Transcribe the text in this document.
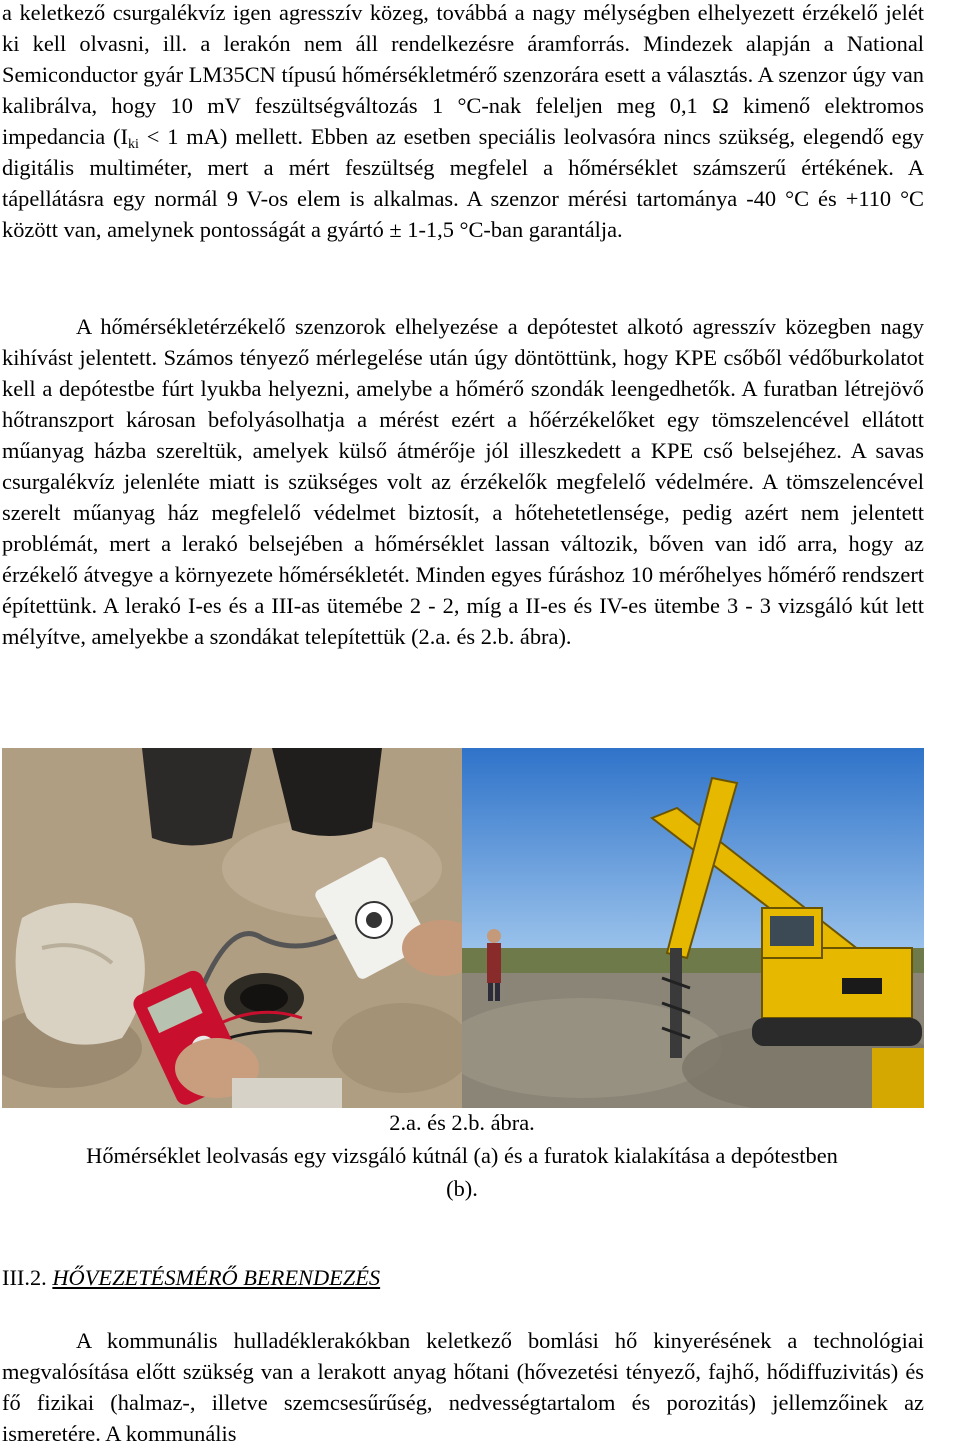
a keletkező csurgalékvíz igen agresszív közeg, továbbá a nagy mélységben elhelyezett érzékelő jelét ki kell olvasni, ill. a lerakón nem áll rendelkezésre áramforrás. Mindezek alapján a National Semiconductor gyár LM35CN típusú hőmérsékletmérő szenzorára esett a választás. A szenzor úgy van kalibrálva, hogy 10 mV feszültségváltozás 1 °C-nak feleljen meg 0,1 Ω kimenő elektromos impedancia ($I_{ki} < 1$ mA) mellett. Ebben az esetben speciális leolvasóra nincs szükség, elegendő egy digitális multiméter, mert a mért feszültség megfelel a hőmérséklet számszerű értékének. A tápellátásra egy normál 9 V-os elem is alkalmas. A szenzor mérési tartománya -40 °C és +110 °C között van, amelynek pontosságát a gyártó ± 1-1,5 °C-ban garantálja.

A hőmérsékletérzékelő szenzorok elhelyezése a depótestet alkotó agresszív közegben nagy kihívást jelentett. Számos tényező mérlegelése után úgy döntöttünk, hogy KPE csőből védőburkolatot kell a depótestbe fúrt lyukba helyezni, amelybe a hőmérő szondák leengedhetők. A furatban létrejövő hőtranszport károsan befolyásolhatja a mérést ezért a hőérzékelőket egy tömszelencével ellátott műanyag házba szereltük, amelyek külső átmérője jól illeszkedett a KPE cső belsejéhez. A savas csurgalékvíz jelenléte miatt is szükséges volt az érzékelők megfelelő védelmére. A tömszelencével szerelt műanyag ház megfelelő védelmet biztosít, a hőtehetetlensége, pedig azért nem jelentett problémát, mert a lerakó belsejében a hőmérséklet lassan változik, bőven van idő arra, hogy az érzékelő átvegye a környezete hőmérsékletét. Minden egyes fúráshoz 10 mérőhelyes hőmérő rendszert építettünk. A lerakó I-es és a III-as ütemébe 2 - 2, míg a II-es és IV-es ütembe 3 - 3 vizsgáló kút lett mélyítve, amelyekbe a szondákat telepítettük (2.a. és 2.b. ábra).

2.a. és 2.b. ábra.

Hőmérséklet leolvasás egy vizsgáló kútnál (a) és a furatok kialakítása a depótestben

(b).

III.2. HŐVEZETÉSMÉRŐ BERENDEZÉS

A kommunális hulladéklerakókban keletkező bomlási hő kinyerésének a technológiai megvalósítása előtt szükség van a lerakott anyag hőtani (hővezetési tényező, fajhő, hődiffuzivitás) és fő fizikai (halmaz-, illetve szemcsesűrűség, nedvességtartalom és porozitás) jellemzőinek az ismeretére. A kommunális
